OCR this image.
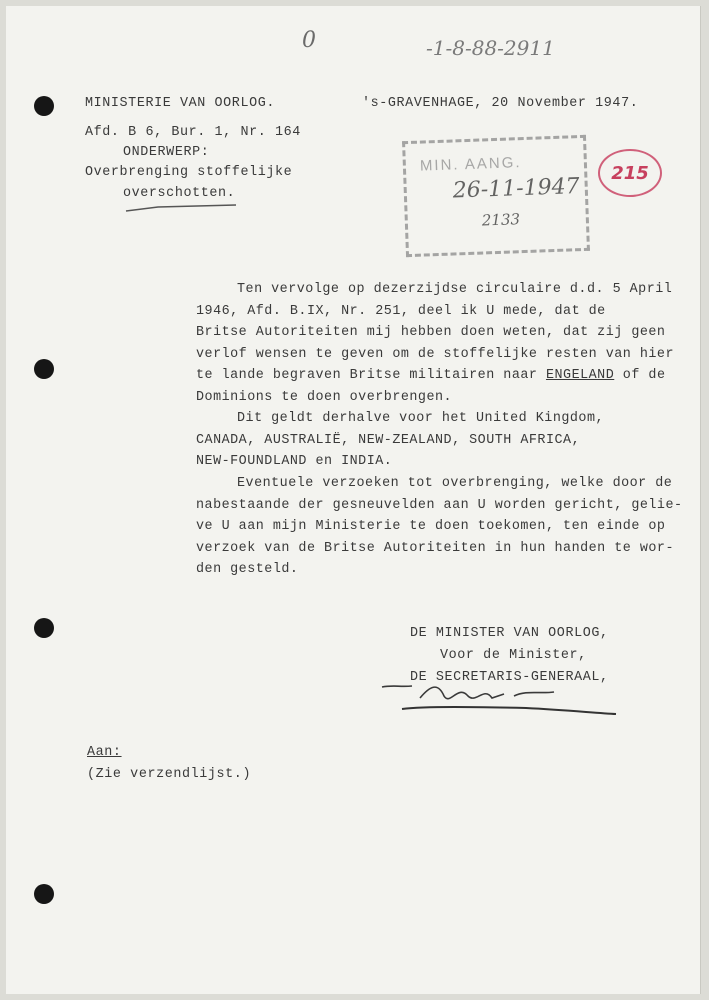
0	-1-8-88-2911
MIN. AANG.
26-11-1947
2133
215
MINISTERIE VAN OORLOG.	's-GRAVENHAGE, 20 November 1947.
Afd. B 6, Bur. 1, Nr. 164
ONDERWERP:
Overbrenging stoffelijke
overschotten.
Ten vervolge op dezerzijdse circulaire d.d. 5 April
1946, Afd. B.IX, Nr. 251, deel ik U mede, dat de
Britse Autoriteiten mij hebben doen weten, dat zij geen
verlof wensen te geven om de stoffelijke resten van hier
te lande begraven Britse militairen naar ENGELAND of de
Dominions te doen overbrengen.
Dit geldt derhalve voor het United Kingdom,
CANADA, AUSTRALIË, NEW-ZEALAND, SOUTH AFRICA,
NEW-FOUNDLAND en INDIA.
Eventuele verzoeken tot overbrenging, welke door de
nabestaande der gesneuvelden aan U worden gericht, gelie-
ve U aan mijn Ministerie te doen toekomen, ten einde op
verzoek van de Britse Autoriteiten in hun handen te wor-
den gesteld.
DE MINISTER VAN OORLOG,
Voor de Minister,
DE SECRETARIS-GENERAAL,
Aan:
(Zie verzendlijst.)
